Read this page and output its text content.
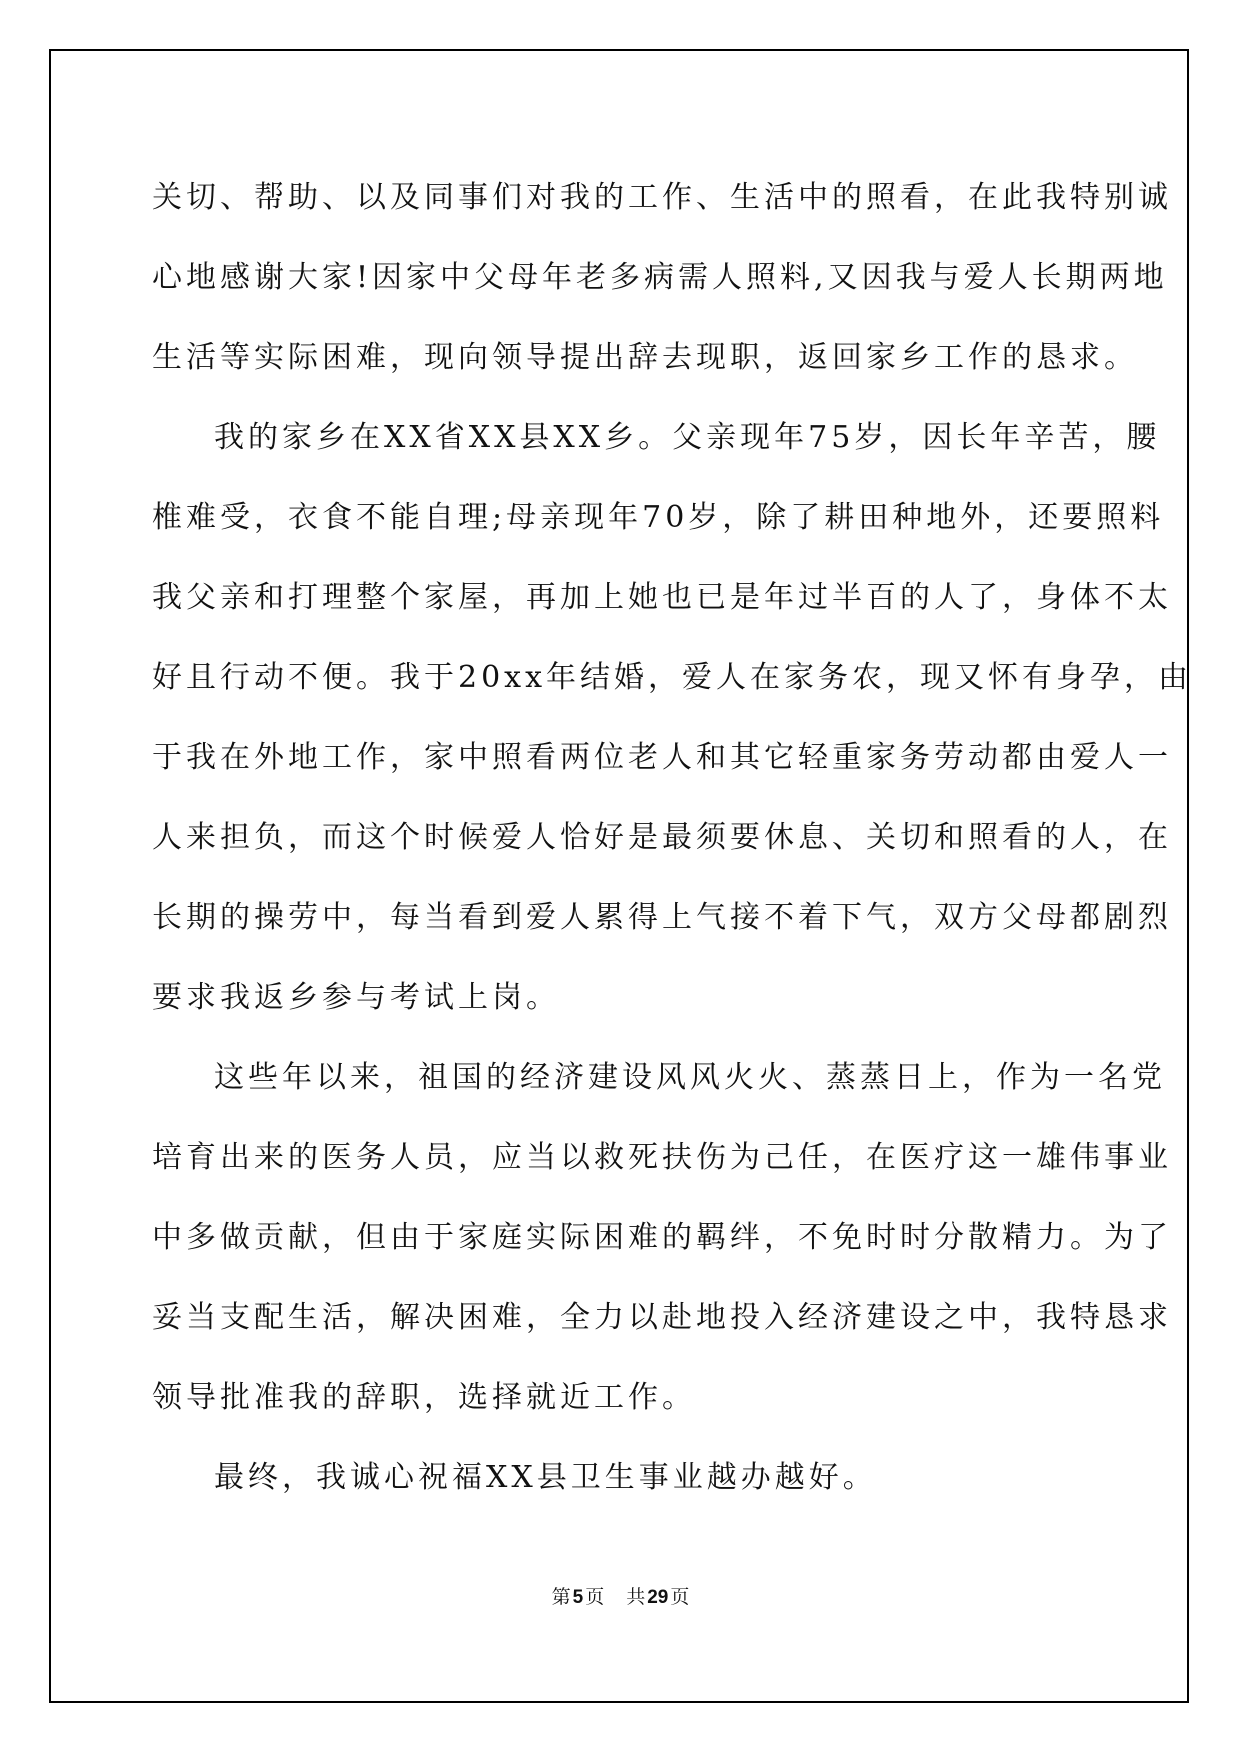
关切、帮助、以及同事们对我的工作、生活中的照看，在此我特别诚
心地感谢大家!因家中父母年老多病需人照料,又因我与爱人长期两地
生活等实际困难，现向领导提出辞去现职，返回家乡工作的恳求。
我的家乡在XX省XX县XX乡。父亲现年75岁，因长年辛苦，腰
椎难受，衣食不能自理;母亲现年70岁，除了耕田种地外，还要照料
我父亲和打理整个家屋，再加上她也已是年过半百的人了，身体不太
好且行动不便。我于20xx年结婚，爱人在家务农，现又怀有身孕，由
于我在外地工作，家中照看两位老人和其它轻重家务劳动都由爱人一
人来担负，而这个时候爱人恰好是最须要休息、关切和照看的人，在
长期的操劳中，每当看到爱人累得上气接不着下气，双方父母都剧烈
要求我返乡参与考试上岗。
这些年以来，祖国的经济建设风风火火、蒸蒸日上，作为一名党
培育出来的医务人员，应当以救死扶伤为己任，在医疗这一雄伟事业
中多做贡献，但由于家庭实际困难的羁绊，不免时时分散精力。为了
妥当支配生活，解决困难，全力以赴地投入经济建设之中，我特恳求
领导批准我的辞职，选择就近工作。
最终，我诚心祝福XX县卫生事业越办越好。
第 5 页 共 29 页
